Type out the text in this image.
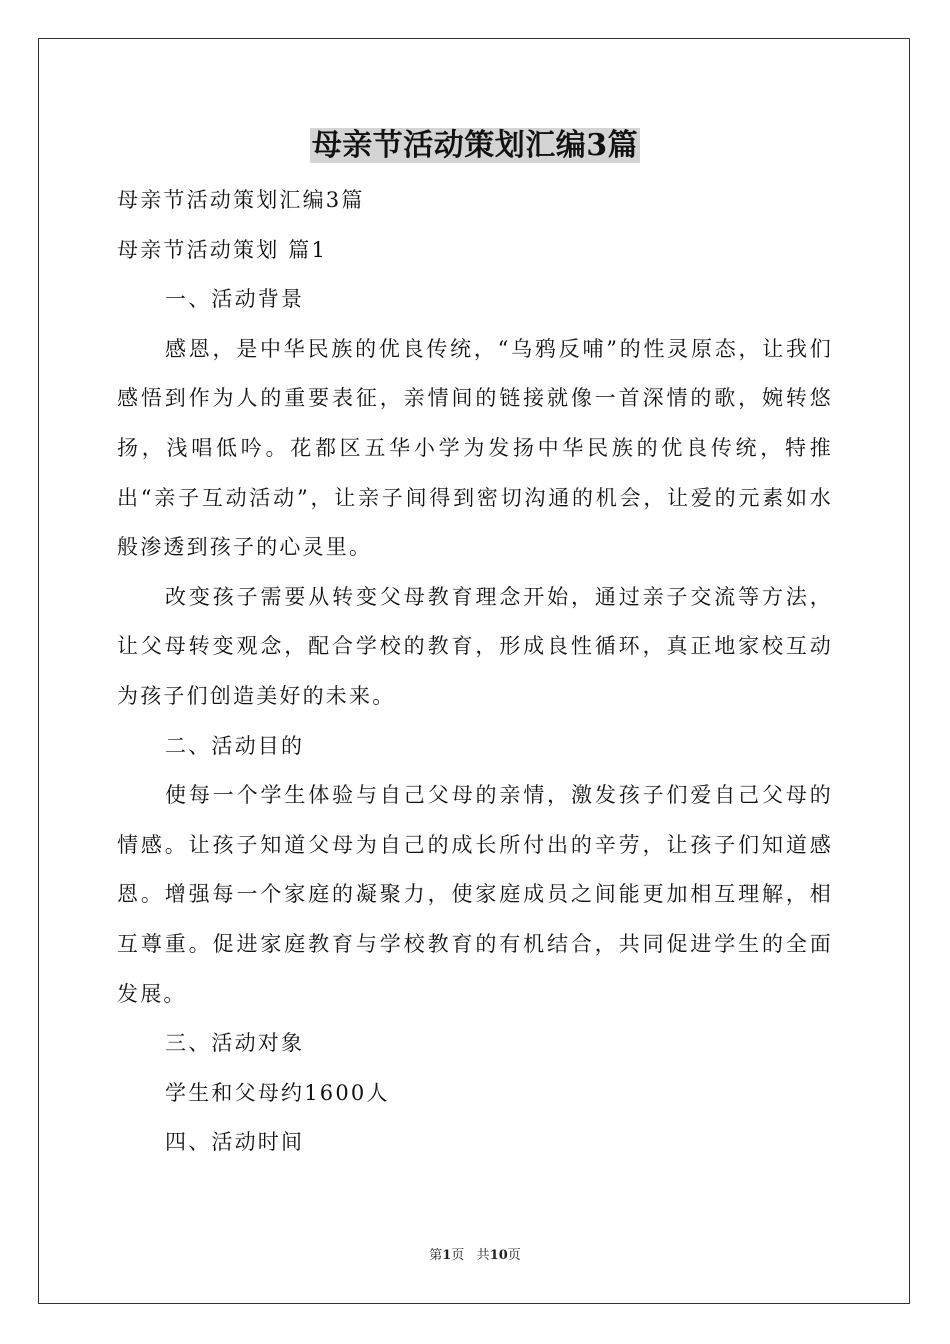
母亲节活动策划汇编3篇

母亲节活动策划汇编3篇

母亲节活动策划 篇1

一、活动背景

感恩，是中华民族的优良传统，“乌鸦反哺”的性灵原态，让我们感悟到作为人的重要表征，亲情间的链接就像一首深情的歌，婉转悠扬，浅唱低吟。花都区五华小学为发扬中华民族的优良传统，特推出“亲子互动活动”，让亲子间得到密切沟通的机会，让爱的元素如水般渗透到孩子的心灵里。

改变孩子需要从转变父母教育理念开始，通过亲子交流等方法，让父母转变观念，配合学校的教育，形成良性循环，真正地家校互动为孩子们创造美好的未来。

二、活动目的

使每一个学生体验与自己父母的亲情，激发孩子们爱自己父母的情感。让孩子知道父母为自己的成长所付出的辛劳，让孩子们知道感恩。增强每一个家庭的凝聚力，使家庭成员之间能更加相互理解，相互尊重。促进家庭教育与学校教育的有机结合，共同促进学生的全面发展。

三、活动对象

学生和父母约1600人

四、活动时间

第1页 共10页
